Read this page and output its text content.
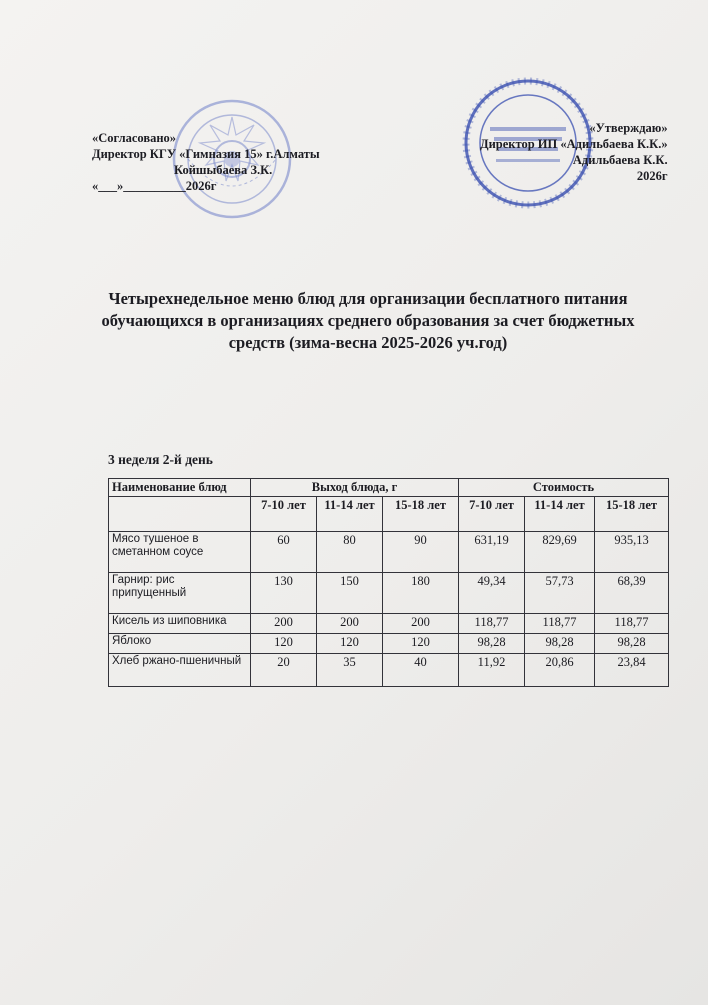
«Согласовано»
Директор КГУ «Гимназия 15» г.Алматы
Койшыбаева З.К.
«___»__________2026г
«Утверждаю»
Директор ИП «Адильбаева К.К.»
Адильбаева К.К.
2026г
Четырехнедельное меню блюд для организации бесплатного питания обучающихся в организациях среднего образования за счет бюджетных средств (зима-весна 2025-2026 уч.год)
3 неделя 2-й день
Наименование блюд	Выход блюда, г			Стоимость		
	7-10 лет	11-14 лет	15-18 лет	7-10 лет	11-14 лет	15-18 лет
Мясо тушеное в сметанном соусе	60	80	90	631,19	829,69	935,13
Гарнир: рис припущенный	130	150	180	49,34	57,73	68,39
Кисель из шиповника	200	200	200	118,77	118,77	118,77
Яблоко	120	120	120	98,28	98,28	98,28
Хлеб ржано-пшеничный	20	35	40	11,92	20,86	23,84
